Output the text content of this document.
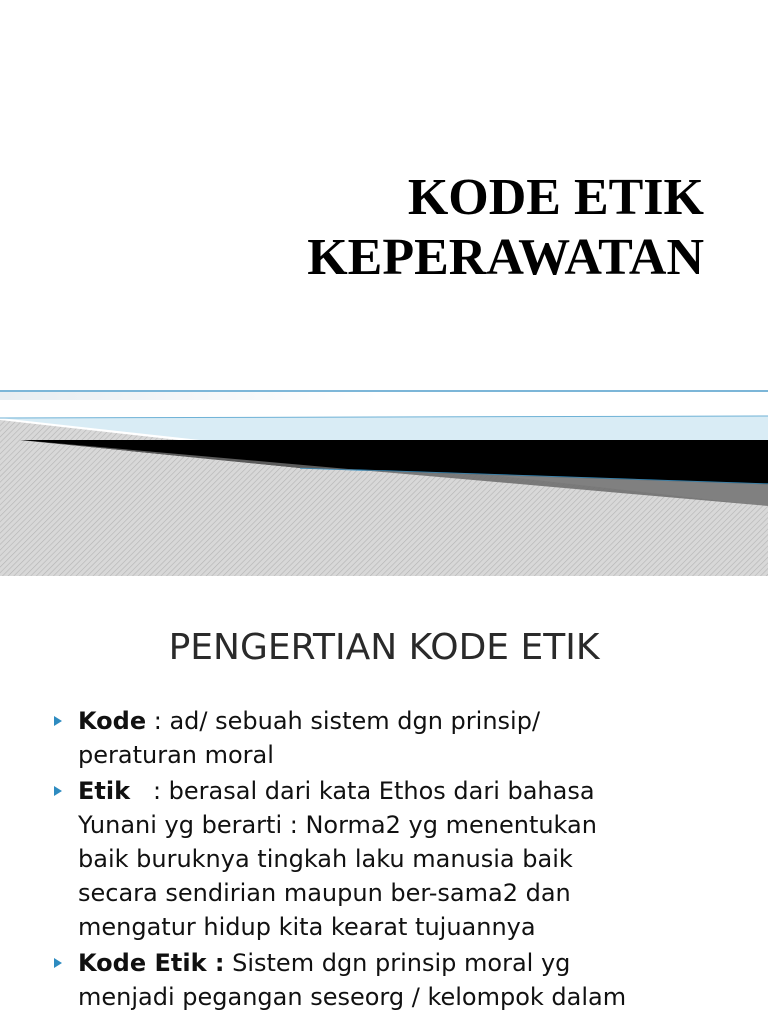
KODE ETIK
KEPERAWATAN
PENGERTIAN KODE ETIK
Kode : ad/ sebuah sistem dgn prinsip/
peraturan moral
Etik   : berasal dari kata Ethos dari bahasa
Yunani yg berarti : Norma2 yg menentukan
baik buruknya tingkah laku manusia baik
secara sendirian maupun ber-sama2 dan
mengatur hidup kita kearat tujuannya
Kode Etik : Sistem dgn prinsip moral yg
menjadi pegangan seseorg / kelompok dalam
